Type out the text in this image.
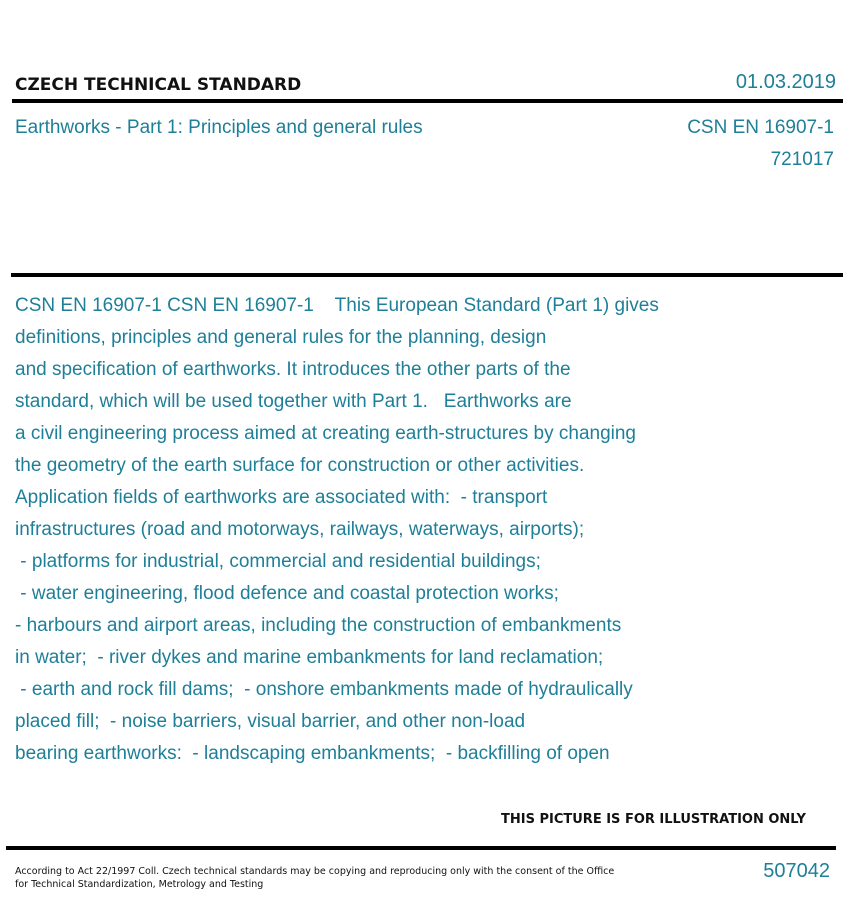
CZECH TECHNICAL STANDARD	01.03.2019
Earthworks - Part 1: Principles and general rules	CSN EN 16907-1
721017
CSN EN 16907-1 CSN EN 16907-1    This European Standard (Part 1) gives
definitions, principles and general rules for the planning, design
and specification of earthworks. It introduces the other parts of the
standard, which will be used together with Part 1.   Earthworks are
a civil engineering process aimed at creating earth-structures by changing
the geometry of the earth surface for construction or other activities.
Application fields of earthworks are associated with:  - transport
infrastructures (road and motorways, railways, waterways, airports);
- platforms for industrial, commercial and residential buildings;
- water engineering, flood defence and coastal protection works;
- harbours and airport areas, including the construction of embankments
in water;  - river dykes and marine embankments for land reclamation;
- earth and rock fill dams;  - onshore embankments made of hydraulically
placed fill;  - noise barriers, visual barrier, and other non-load
bearing earthworks:  - landscaping embankments;  - backfilling of open
THIS PICTURE IS FOR ILLUSTRATION ONLY
According to Act 22/1997 Coll. Czech technical standards may be copying and reproducing only with the consent of the Office
for Technical Standardization, Metrology and Testing
507042
